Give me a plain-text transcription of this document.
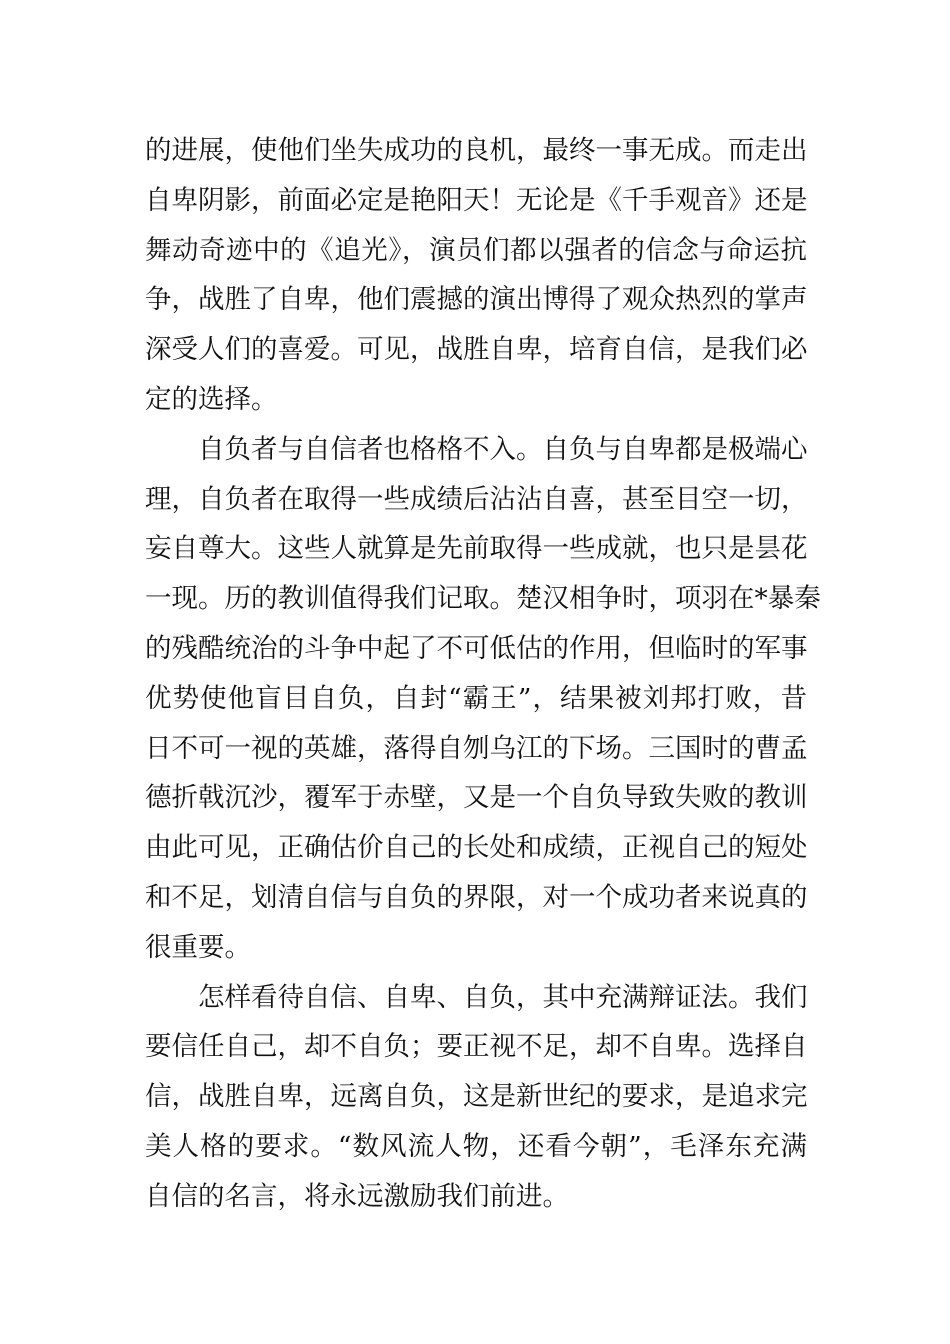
的进展，使他们坐失成功的良机，最终一事无成。而走出
自卑阴影，前面必定是艳阳天！无论是《千手观音》还是
舞动奇迹中的《追光》，演员们都以强者的信念与命运抗
争，战胜了自卑，他们震撼的演出博得了观众热烈的掌声
深受人们的喜爱。可见，战胜自卑，培育自信，是我们必
定的选择。
自负者与自信者也格格不入。自负与自卑都是极端心
理，自负者在取得一些成绩后沾沾自喜，甚至目空一切，
妄自尊大。这些人就算是先前取得一些成就，也只是昙花
一现。历的教训值得我们记取。楚汉相争时，项羽在*暴秦
的残酷统治的斗争中起了不可低估的作用，但临时的军事
优势使他盲目自负，自封“霸王”，结果被刘邦打败，昔
日不可一视的英雄，落得自刎乌江的下场。三国时的曹孟
德折戟沉沙，覆军于赤壁，又是一个自负导致失败的教训
由此可见，正确估价自己的长处和成绩，正视自己的短处
和不足，划清自信与自负的界限，对一个成功者来说真的
很重要。
怎样看待自信、自卑、自负，其中充满辩证法。我们
要信任自己，却不自负；要正视不足，却不自卑。选择自
信，战胜自卑，远离自负，这是新世纪的要求，是追求完
美人格的要求。“数风流人物，还看今朝”，毛泽东充满
自信的名言，将永远激励我们前进。
